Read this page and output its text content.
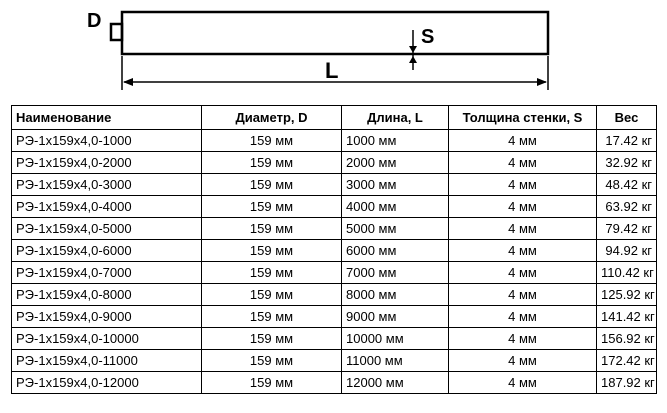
D
S
L
Наименование	Диаметр, D	Длина, L	Толщина стенки, S	Вес
РЭ-1х159х4,0-1000	159 мм	1000 мм	4 мм	17.42 кг
РЭ-1х159х4,0-2000	159 мм	2000 мм	4 мм	32.92 кг
РЭ-1х159х4,0-3000	159 мм	3000 мм	4 мм	48.42 кг
РЭ-1х159х4,0-4000	159 мм	4000 мм	4 мм	63.92 кг
РЭ-1х159х4,0-5000	159 мм	5000 мм	4 мм	79.42 кг
РЭ-1х159х4,0-6000	159 мм	6000 мм	4 мм	94.92 кг
РЭ-1х159х4,0-7000	159 мм	7000 мм	4 мм	110.42 кг
РЭ-1х159х4,0-8000	159 мм	8000 мм	4 мм	125.92 кг
РЭ-1х159х4,0-9000	159 мм	9000 мм	4 мм	141.42 кг
РЭ-1х159х4,0-10000	159 мм	10000 мм	4 мм	156.92 кг
РЭ-1х159х4,0-11000	159 мм	11000 мм	4 мм	172.42 кг
РЭ-1х159х4,0-12000	159 мм	12000 мм	4 мм	187.92 кг
